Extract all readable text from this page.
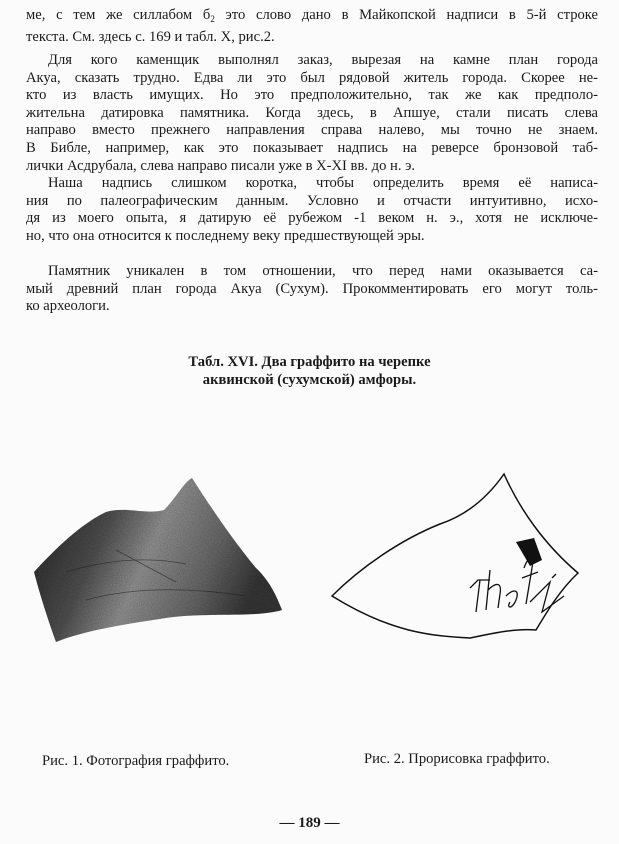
ме, с тем же силлабом $б_2$ это слово дано в Майкопской надписи в 5-й строке
текста. См. здесь с. 169 и табл. X, рис.2.
Для кого каменщик выполнял заказ, вырезая на камне план города
Акуа, сказать трудно. Едва ли это был рядовой житель города. Скорее не-
кто из власть имущих. Но это предположительно, так же как предполо-
жительна датировка памятника. Когда здесь, в Апшуе, стали писать слева
направо вместо прежнего направления справа налево, мы точно не знаем.
В Библе, например, как это показывает надпись на реверсе бронзовой таб-
лички Асдрубала, слева направо писали уже в X-XI вв. до н. э.
Наша надпись слишком коротка, чтобы определить время её написа-
ния по палеографическим данным. Условно и отчасти интуитивно, исхо-
дя из моего опыта, я датирую её рубежом -1 веком н. э., хотя не исключе-
но, что она относится к последнему веку предшествующей эры.
Памятник уникален в том отношении, что перед нами оказывается са-
мый древний план города Акуа (Сухум). Прокомментировать его могут толь-
ко археологи.
Табл. XVI. Два граффито на черепке
аквинской (сухумской) амфоры.
Рис. 1. Фотография граффито.	Рис. 2. Прорисовка граффито.
— 189 —
